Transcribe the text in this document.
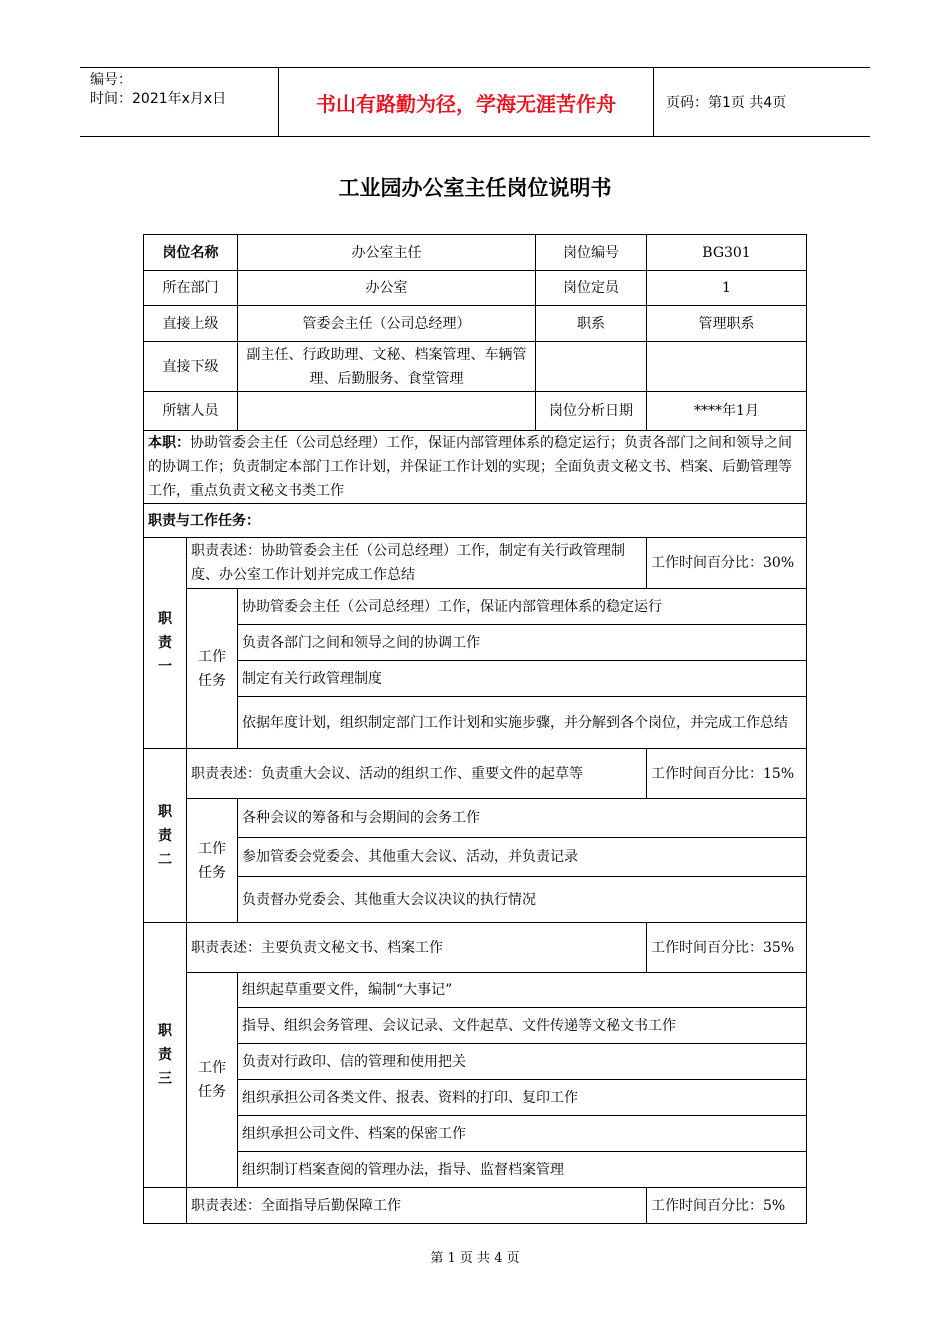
编号：
时间：2021年x月x日	书山有路勤为径，学海无涯苦作舟	页码：第1页 共4页
工业园办公室主任岗位说明书
岗位名称		办公室主任	岗位编号	BG301
所在部门		办公室	岗位定员	1
直接上级		管委会主任（公司总经理）	职系	管理职系
直接下级		副主任、行政助理、文秘、档案管理、车辆管理、后勤服务、食堂管理		
所辖人员			岗位分析日期	****年1月
本职：协助管委会主任（公司总经理）工作，保证内部管理体系的稳定运行；负责各部门之间和领导之间的协调工作；负责制定本部门工作计划，并保证工作计划的实现；全面负责文秘文书、档案、后勤管理等工作，重点负责文秘文书类工作				
职责与工作任务：				
职
责
一	职责表述：协助管委会主任（公司总经理）工作，制定有关行政管理制度、办公室工作计划并完成工作总结			工作时间百分比：30%
	工作
任务	协助管委会主任（公司总经理）工作，保证内部管理体系的稳定运行		
		负责各部门之间和领导之间的协调工作		
		制定有关行政管理制度		
		依据年度计划，组织制定部门工作计划和实施步骤，并分解到各个岗位，并完成工作总结		
职
责
二	职责表述：负责重大会议、活动的组织工作、重要文件的起草等			工作时间百分比：15%
	工作
任务	各种会议的筹备和与会期间的会务工作		
		参加管委会党委会、其他重大会议、活动，并负责记录		
		负责督办党委会、其他重大会议决议的执行情况		
职
责
三	职责表述：主要负责文秘文书、档案工作			工作时间百分比：35%
	工作
任务	组织起草重要文件，编制“大事记”		
		指导、组织会务管理、会议记录、文件起草、文件传递等文秘文书工作		
		负责对行政印、信的管理和使用把关		
		组织承担公司各类文件、报表、资料的打印、复印工作		
		组织承担公司文件、档案的保密工作		
		组织制订档案查阅的管理办法，指导、监督档案管理		
	职责表述：全面指导后勤保障工作			工作时间百分比：5%
第 1 页 共 4 页
